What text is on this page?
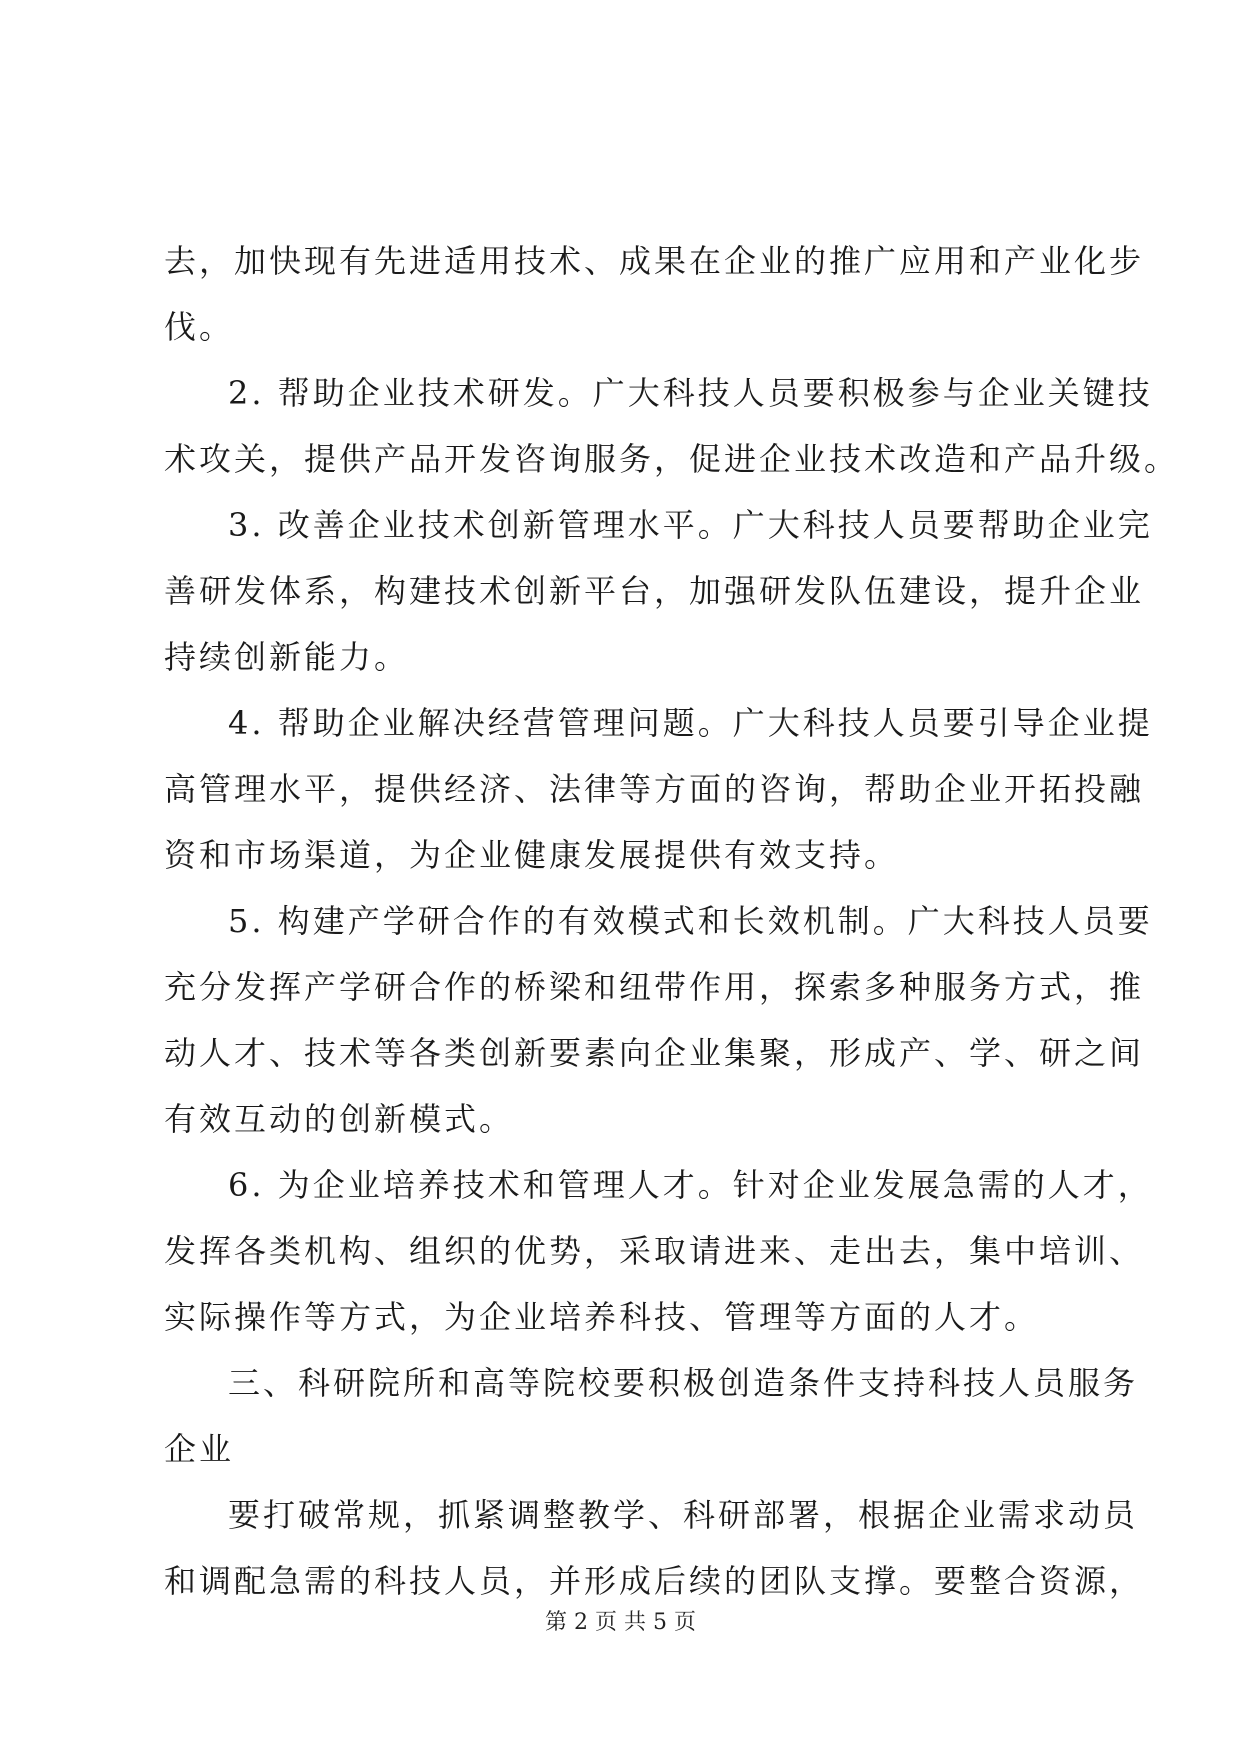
去，加快现有先进适用技术、成果在企业的推广应用和产业化步
伐。
2. 帮助企业技术研发。广大科技人员要积极参与企业关键技
术攻关，提供产品开发咨询服务，促进企业技术改造和产品升级。
3. 改善企业技术创新管理水平。广大科技人员要帮助企业完
善研发体系，构建技术创新平台，加强研发队伍建设，提升企业
持续创新能力。
4. 帮助企业解决经营管理问题。广大科技人员要引导企业提
高管理水平，提供经济、法律等方面的咨询，帮助企业开拓投融
资和市场渠道，为企业健康发展提供有效支持。
5. 构建产学研合作的有效模式和长效机制。广大科技人员要
充分发挥产学研合作的桥梁和纽带作用，探索多种服务方式，推
动人才、技术等各类创新要素向企业集聚，形成产、学、研之间
有效互动的创新模式。
6. 为企业培养技术和管理人才。针对企业发展急需的人才，
发挥各类机构、组织的优势，采取请进来、走出去，集中培训、
实际操作等方式，为企业培养科技、管理等方面的人才。
三、科研院所和高等院校要积极创造条件支持科技人员服务
企业
要打破常规，抓紧调整教学、科研部署，根据企业需求动员
和调配急需的科技人员，并形成后续的团队支撑。要整合资源，
第 2 页 共 5 页
